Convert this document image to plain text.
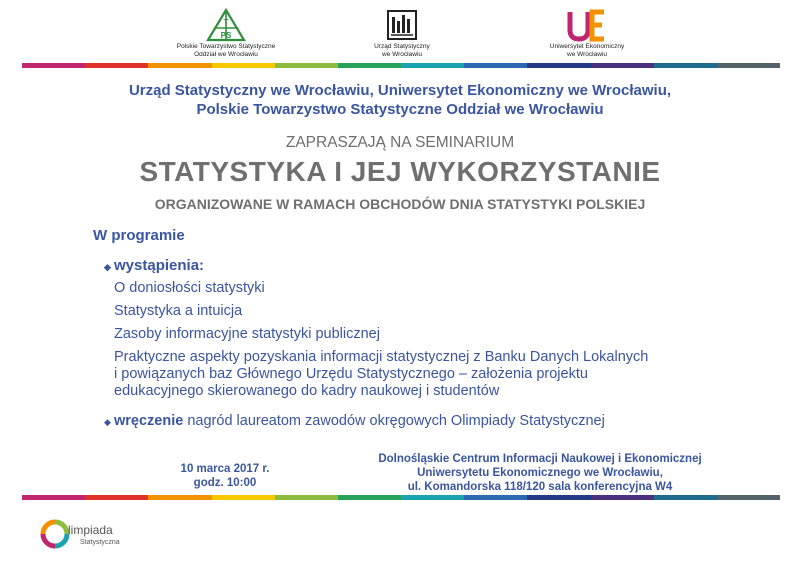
T
PS
Polskie Towarzystwo Statystyczne
Oddział we Wrocławiu
Urząd Statystyczny
we Wrocławiu
Uniwersytet Ekonomiczny
we Wrocławiu
Urząd Statystyczny we Wrocławiu, Uniwersytet Ekonomiczny we Wrocławiu,
Polskie Towarzystwo Statystyczne Oddział we Wrocławiu
ZAPRASZAJĄ NA SEMINARIUM
STATYSTYKA I JEJ WYKORZYSTANIE
ORGANIZOWANE W RAMACH OBCHODÓW DNIA STATYSTYKI POLSKIEJ
W programie
◆ wystąpienia:
O doniosłości statystyki
Statystyka a intuicja
Zasoby informacyjne statystyki publicznej
Praktyczne aspekty pozyskania informacji statystycznej z Banku Danych Lokalnych
i powiązanych baz Głównego Urzędu Statystycznego – założenia projektu
edukacyjnego skierowanego do kadry naukowej i studentów
◆ wręczenie nagród laureatom zawodów okręgowych Olimpiady Statystycznej
10 marca 2017 r.
godz. 10:00
Dolnośląskie Centrum Informacji Naukowej i Ekonomicznej
Uniwersytetu Ekonomicznego we Wrocławiu,
ul. Komandorska 118/120 sala konferencyjna W4
limpiada
Statystyczna
